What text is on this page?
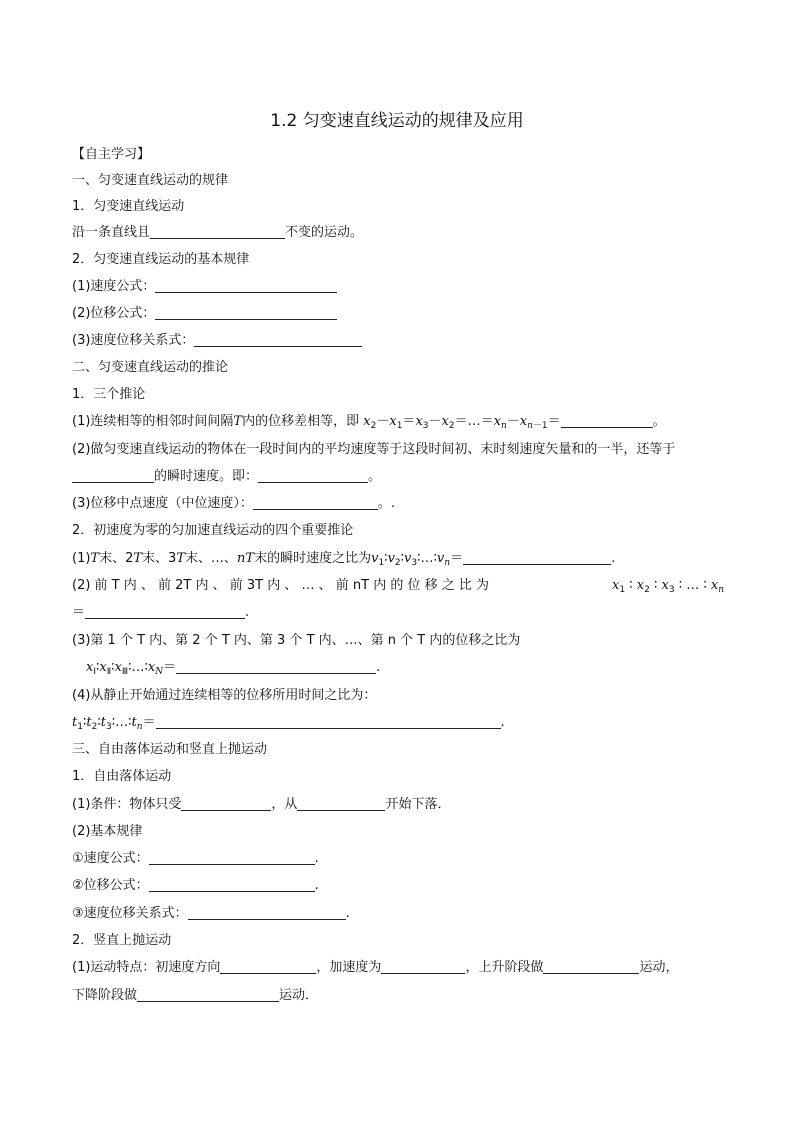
1.2 匀变速直线运动的规律及应用
【自主学习】
一、匀变速直线运动的规律
1．匀变速直线运动
沿一条直线且	不变的运动。
2．匀变速直线运动的基本规律
(1)速度公式：
(2)位移公式：
(3)速度位移关系式：
二、匀变速直线运动的推论
1．三个推论
(1)连续相等的相邻时间间隔T内的位移差相等，即 $x_2-x_1=x_3-x_2=\dots=x_n-x_{n-1}=$	。
(2)做匀变速直线运动的物体在一段时间内的平均速度等于这段时间初、末时刻速度矢量和的一半，还等于
的瞬时速度。即：	。
(3)位移中点速度（中位速度）：	。.
2．初速度为零的匀加速直线运动的四个重要推论
(1)T末、2T末、3T末、…、nT末的瞬时速度之比为$v_1∶v_2∶v_3∶\dots∶v_n=$	.
(2) 前 T 内 、 前 2T 内 、 前 3T 内 、 … 、 前 nT 内 的 位 移 之 比 为	$x_1$ ∶ $x_2$ ∶ $x_3$ ∶ … ∶ $x_n$
＝	.
(3)第 1 个 T 内、第 2 个 T 内、第 3 个 T 内、…、第 n 个 T 内的位移之比为
$x_Ⅰ∶x_Ⅱ∶x_Ⅲ∶\dots∶x_N=$	.
(4)从静止开始通过连续相等的位移所用时间之比为：
$t_1∶t_2∶t_3∶\dots∶t_n=$	.
三、自由落体运动和竖直上抛运动
1．自由落体运动
(1)条件：物体只受	，从	开始下落．
(2)基本规律
①速度公式：	.
②位移公式：	.
③速度位移关系式：	.
2．竖直上抛运动
(1)运动特点：初速度方向	，加速度为	，上升阶段做	运动，
下降阶段做	运动．
